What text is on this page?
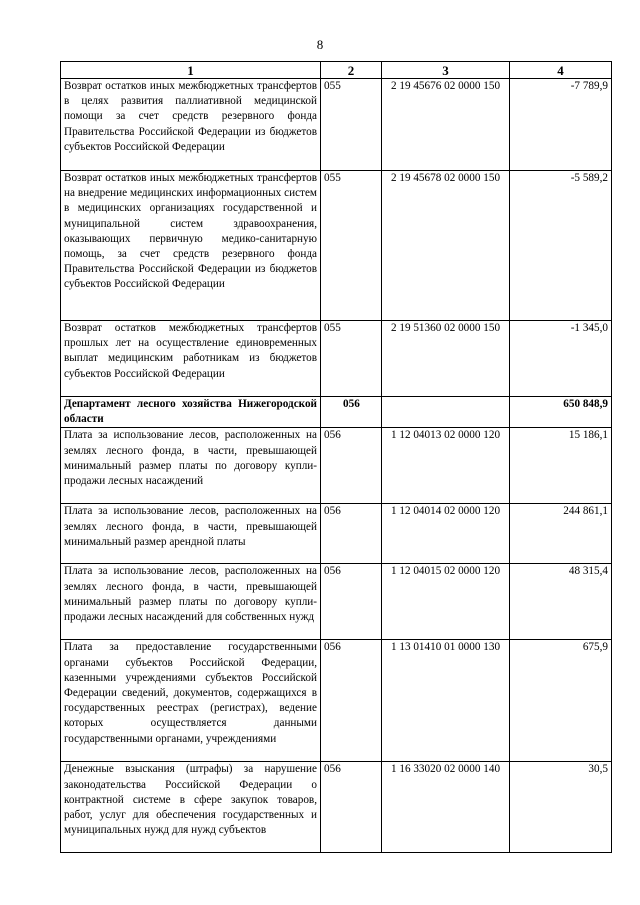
8
1	2	3	4
Возврат остатков иных межбюджетных трансфертов в целях развития паллиативной медицинской помощи за счет средств резервного фонда Правительства Российской Федерации из бюджетов субъектов Российской Федерации	055	2 19 45676 02 0000 150	-7 789,9
Возврат остатков иных межбюджетных трансфертов на внедрение медицинских информационных систем в медицинских организациях государственной и муниципальной систем здравоохранения, оказывающих первичную медико-санитарную помощь, за счет средств резервного фонда Правительства Российской Федерации из бюджетов субъектов Российской Федерации	055	2 19 45678 02 0000 150	-5 589,2
Возврат остатков межбюджетных трансфертов прошлых лет на осуществление единовременных выплат медицинским работникам из бюджетов субъектов Российской Федерации	055	2 19 51360 02 0000 150	-1 345,0
Департамент лесного хозяйства Нижегородской области	056		650 848,9
Плата за использование лесов, расположенных на землях лесного фонда, в части, превышающей минимальный размер платы по договору купли-продажи лесных насаждений	056	1 12 04013 02 0000 120	15 186,1
Плата за использование лесов, расположенных на землях лесного фонда, в части, превышающей минимальный размер арендной платы	056	1 12 04014 02 0000 120	244 861,1
Плата за использование лесов, расположенных на землях лесного фонда, в части, превышающей минимальный размер платы по договору купли-продажи лесных насаждений для собственных нужд	056	1 12 04015 02 0000 120	48 315,4
Плата за предоставление государственными органами субъектов Российской Федерации, казенными учреждениями субъектов Российской Федерации сведений, документов, содержащихся в государственных реестрах (регистрах), ведение которых осуществляется данными государственными органами, учреждениями	056	1 13 01410 01 0000 130	675,9
Денежные взыскания (штрафы) за нарушение законодательства Российской Федерации о контрактной системе в сфере закупок товаров, работ, услуг для обеспечения государственных и муниципальных нужд для нужд субъектов	056	1 16 33020 02 0000 140	30,5
